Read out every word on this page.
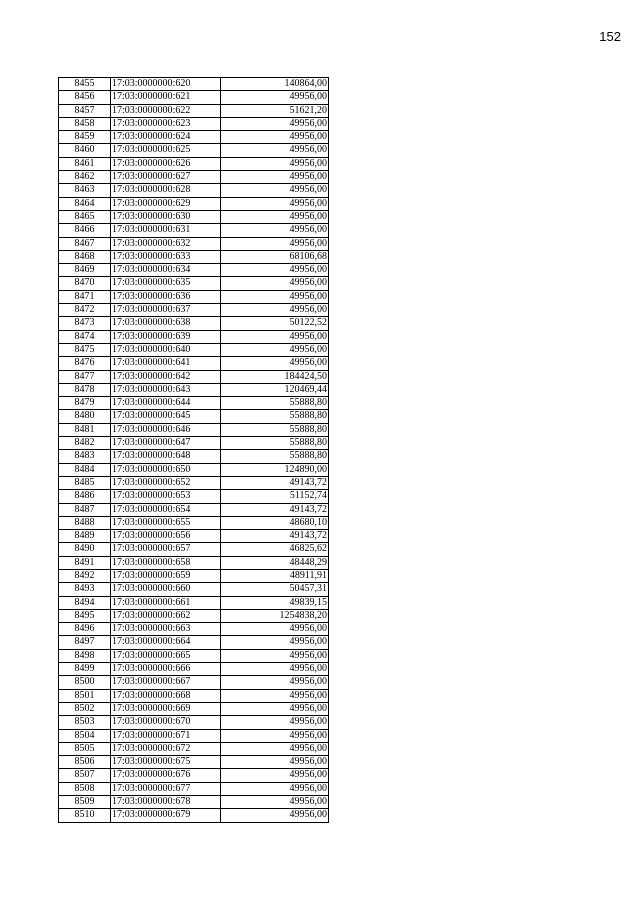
152
8455	17:03:0000000:620	140864,00
8456	17:03:0000000:621	49956,00
8457	17:03:0000000:622	51621,20
8458	17:03:0000000:623	49956,00
8459	17:03:0000000:624	49956,00
8460	17:03:0000000:625	49956,00
8461	17:03:0000000:626	49956,00
8462	17:03:0000000:627	49956,00
8463	17:03:0000000:628	49956,00
8464	17:03:0000000:629	49956,00
8465	17:03:0000000:630	49956,00
8466	17:03:0000000:631	49956,00
8467	17:03:0000000:632	49956,00
8468	17:03:0000000:633	68106,68
8469	17:03:0000000:634	49956,00
8470	17:03:0000000:635	49956,00
8471	17:03:0000000:636	49956,00
8472	17:03:0000000:637	49956,00
8473	17:03:0000000:638	50122,52
8474	17:03:0000000:639	49956,00
8475	17:03:0000000:640	49956,00
8476	17:03:0000000:641	49956,00
8477	17:03:0000000:642	184424,50
8478	17:03:0000000:643	120469,44
8479	17:03:0000000:644	55888,80
8480	17:03:0000000:645	55888,80
8481	17:03:0000000:646	55888,80
8482	17:03:0000000:647	55888,80
8483	17:03:0000000:648	55888,80
8484	17:03:0000000:650	124890,00
8485	17:03:0000000:652	49143,72
8486	17:03:0000000:653	51152,74
8487	17:03:0000000:654	49143,72
8488	17:03:0000000:655	48680,10
8489	17:03:0000000:656	49143,72
8490	17:03:0000000:657	46825,62
8491	17:03:0000000:658	48448,29
8492	17:03:0000000:659	48911,91
8493	17:03:0000000:660	50457,31
8494	17:03:0000000:661	49839,15
8495	17:03:0000000:662	1254838,20
8496	17:03:0000000:663	49956,00
8497	17:03:0000000:664	49956,00
8498	17:03:0000000:665	49956,00
8499	17:03:0000000:666	49956,00
8500	17:03:0000000:667	49956,00
8501	17:03:0000000:668	49956,00
8502	17:03:0000000:669	49956,00
8503	17:03:0000000:670	49956,00
8504	17:03:0000000:671	49956,00
8505	17:03:0000000:672	49956,00
8506	17:03:0000000:675	49956,00
8507	17:03:0000000:676	49956,00
8508	17:03:0000000:677	49956,00
8509	17:03:0000000:678	49956,00
8510	17:03:0000000:679	49956,00
